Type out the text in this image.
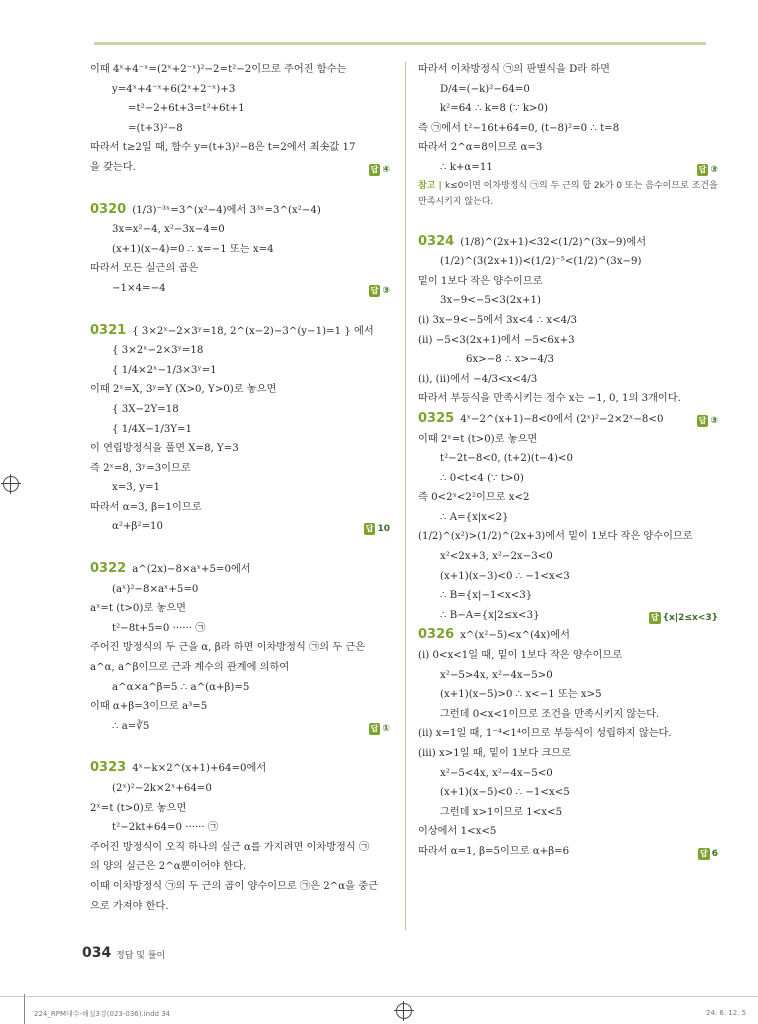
이때 4ˣ+4⁻ˣ=(2ˣ+2⁻ˣ)²−2=t²−2이므로 주어진 함수는
y=4ˣ+4⁻ˣ+6(2ˣ+2⁻ˣ)+3
=t²−2+6t+3=t²+6t+1
=(t+3)²−8
따라서 t≥2일 때, 함수 y=(t+3)²−8은 t=2에서 최솟값 17
을 갖는다.	답 ④
0320 (1/3)⁻³ˣ=3^(x²−4)에서 3³ˣ=3^(x²−4)
3x=x²−4, x²−3x−4=0
(x+1)(x−4)=0 ∴ x=−1 또는 x=4
따라서 모든 실근의 곱은
−1×4=−4	답 ③
0321 { 3×2ˣ−2×3ʸ=18, 2^(x−2)−3^(y−1)=1 } 에서
{ 3×2ˣ−2×3ʸ=18
{ 1/4×2ˣ−1/3×3ʸ=1
이때 2ˣ=X, 3ʸ=Y (X>0, Y>0)로 놓으면
{ 3X−2Y=18
{ 1/4X−1/3Y=1
이 연립방정식을 풀면 X=8, Y=3
즉 2ˣ=8, 3ʸ=3이므로
x=3, y=1
따라서 α=3, β=1이므로
α²+β²=10	답 10
0322 a^(2x)−8×aˣ+5=0에서
(aˣ)²−8×aˣ+5=0
aˣ=t (t>0)로 놓으면
t²−8t+5=0 ······ ㉠
주어진 방정식의 두 근을 α, β라 하면 이차방정식 ㉠의 두 근은
a^α, a^β이므로 근과 계수의 관계에 의하여
a^α×a^β=5 ∴ a^(α+β)=5
이때 α+β=3이므로 a³=5
∴ a=∛5	답 ①
0323 4ˣ−k×2^(x+1)+64=0에서
(2ˣ)²−2k×2ˣ+64=0
2ˣ=t (t>0)로 놓으면
t²−2kt+64=0 ······ ㉠
주어진 방정식이 오직 하나의 실근 α를 가지려면 이차방정식 ㉠
의 양의 실근은 2^α뿐이어야 한다.
이때 이차방정식 ㉠의 두 근의 곱이 양수이므로 ㉠은 2^α을 중근
으로 가져야 한다.
따라서 이차방정식 ㉠의 판별식을 D라 하면
D/4=(−k)²−64=0
k²=64 ∴ k=8 (∵ k>0)
즉 ㉠에서 t²−16t+64=0, (t−8)²=0 ∴ t=8
따라서 2^α=8이므로 α=3
∴ k+α=11	답 ③
참고 | k≤0이면 이차방정식 ㉠의 두 근의 합 2k가 0 또는 음수이므로 조건을 만족시키지 않는다.
0324 (1/8)^(2x+1)<32<(1/2)^(3x−9)에서
(1/2)^(3(2x+1))<(1/2)⁻⁵<(1/2)^(3x−9)
밑이 1보다 작은 양수이므로
3x−9<−5<3(2x+1)
(i) 3x−9<−5에서 3x<4 ∴ x<4/3
(ii) −5<3(2x+1)에서 −5<6x+3
6x>−8 ∴ x>−4/3
(i), (ii)에서 −4/3<x<4/3
따라서 부등식을 만족시키는 정수 x는 −1, 0, 1의 3개이다.
답 ③
0325 4ˣ−2^(x+1)−8<0에서 (2ˣ)²−2×2ˣ−8<0
이때 2ˣ=t (t>0)로 놓으면
t²−2t−8<0, (t+2)(t−4)<0
∴ 0<t<4 (∵ t>0)
즉 0<2ˣ<2²이므로 x<2
∴ A={x|x<2}
(1/2)^(x²)>(1/2)^(2x+3)에서 밑이 1보다 작은 양수이므로
x²<2x+3, x²−2x−3<0
(x+1)(x−3)<0 ∴ −1<x<3
∴ B={x|−1<x<3}
∴ B−A={x|2≤x<3}	답 {x|2≤x<3}
0326 x^(x²−5)<x^(4x)에서
(i) 0<x<1일 때, 밑이 1보다 작은 양수이므로
x²−5>4x, x²−4x−5>0
(x+1)(x−5)>0 ∴ x<−1 또는 x>5
그런데 0<x<1이므로 조건을 만족시키지 않는다.
(ii) x=1일 때, 1⁻⁴<1⁴이므로 부등식이 성립하지 않는다.
(iii) x>1일 때, 밑이 1보다 크므로
x²−5<4x, x²−4x−5<0
(x+1)(x−5)<0 ∴ −1<x<5
그런데 x>1이므로 1<x<5
이상에서 1<x<5
따라서 α=1, β=5이므로 α+β=6	답 6
034 정답 및 풀이
224_RPM대수-해설3강(023-036).indd 34	24. 6. 12. 5
